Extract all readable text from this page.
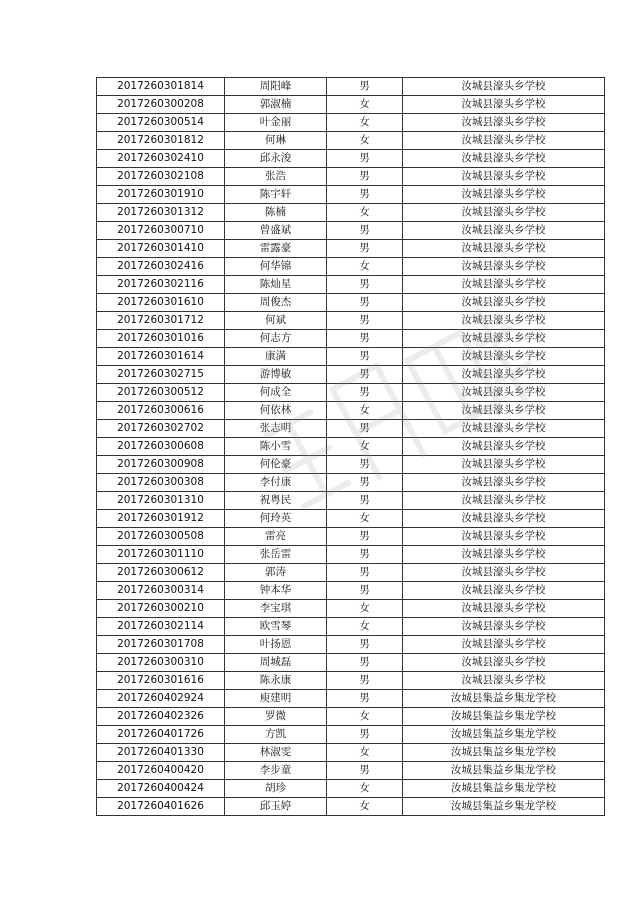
2017260301814	周阳峰	男	汝城县濠头乡学校
2017260300208	郭淑楠	女	汝城县濠头乡学校
2017260300514	叶金丽	女	汝城县濠头乡学校
2017260301812	何琳	女	汝城县濠头乡学校
2017260302410	邱永浚	男	汝城县濠头乡学校
2017260302108	张浩	男	汝城县濠头乡学校
2017260301910	陈宇轩	男	汝城县濠头乡学校
2017260301312	陈楠	女	汝城县濠头乡学校
2017260300710	曾盛斌	男	汝城县濠头乡学校
2017260301410	雷露豪	男	汝城县濠头乡学校
2017260302416	何华锦	女	汝城县濠头乡学校
2017260302116	陈灿星	男	汝城县濠头乡学校
2017260301610	周俊杰	男	汝城县濠头乡学校
2017260301712	何斌	男	汝城县濠头乡学校
2017260301016	何志方	男	汝城县濠头乡学校
2017260301614	康满	男	汝城县濠头乡学校
2017260302715	游博敏	男	汝城县濠头乡学校
2017260300512	何成全	男	汝城县濠头乡学校
2017260300616	何依林	女	汝城县濠头乡学校
2017260302702	张志明	男	汝城县濠头乡学校
2017260300608	陈小雪	女	汝城县濠头乡学校
2017260300908	何伦豪	男	汝城县濠头乡学校
2017260300308	李付康	男	汝城县濠头乡学校
2017260301310	祝粤民	男	汝城县濠头乡学校
2017260301912	何玲英	女	汝城县濠头乡学校
2017260300508	雷亮	男	汝城县濠头乡学校
2017260301110	张岳雷	男	汝城县濠头乡学校
2017260300612	郭涛	男	汝城县濠头乡学校
2017260300314	钟本华	男	汝城县濠头乡学校
2017260300210	李宝琪	女	汝城县濠头乡学校
2017260302114	欧雪琴	女	汝城县濠头乡学校
2017260301708	叶扬恩	男	汝城县濠头乡学校
2017260300310	周城磊	男	汝城县濠头乡学校
2017260301616	陈永康	男	汝城县濠头乡学校
2017260402924	庾建明	男	汝城县集益乡集龙学校
2017260402326	罗微	女	汝城县集益乡集龙学校
2017260401726	方凯	男	汝城县集益乡集龙学校
2017260401330	林淑雯	女	汝城县集益乡集龙学校
2017260400420	李步童	男	汝城县集益乡集龙学校
2017260400424	胡珍	女	汝城县集益乡集龙学校
2017260401626	邱玉婷	女	汝城县集益乡集龙学校
